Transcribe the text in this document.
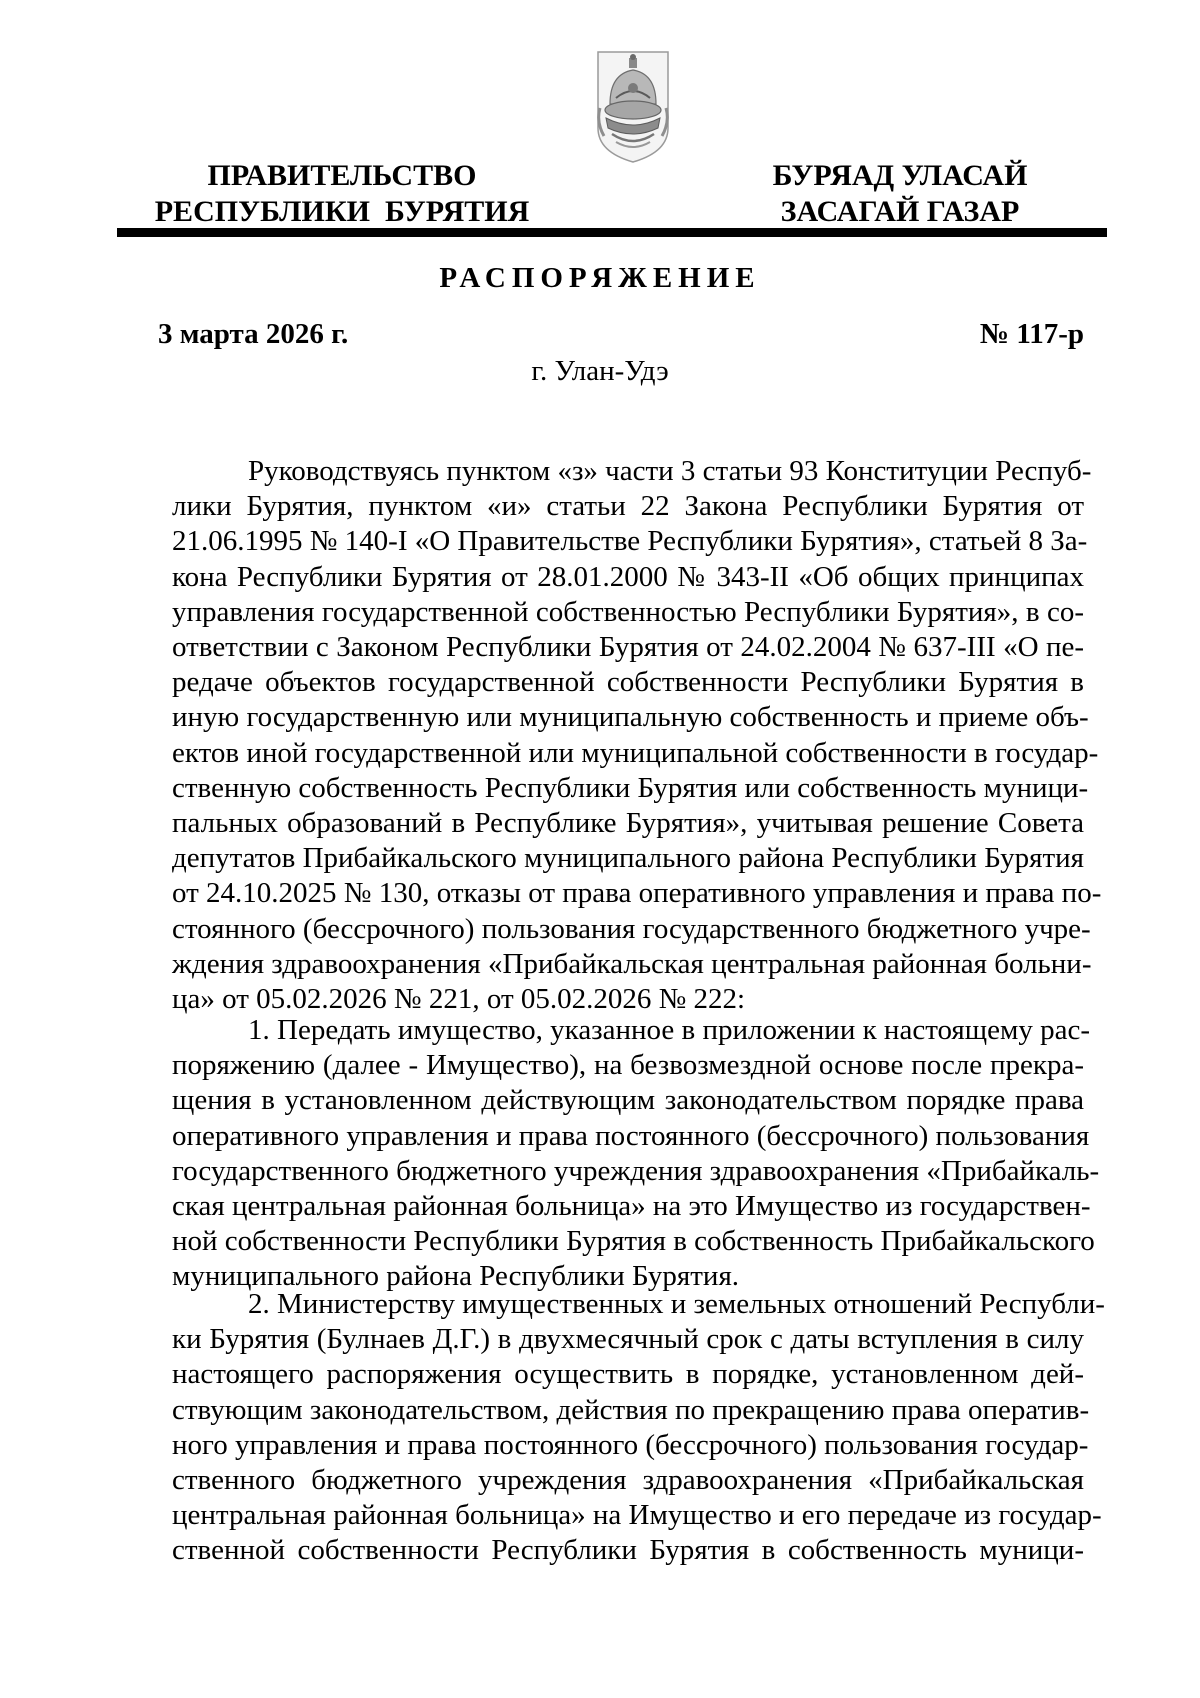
ПРАВИТЕЛЬСТВО
РЕСПУБЛИКИ  БУРЯТИЯ
БУРЯАД УЛАСАЙ
ЗАСАГАЙ ГАЗАР
РАСПОРЯЖЕНИЕ
3 марта 2026 г.	№ 117-р
г. Улан-Удэ
Руководствуясь пунктом «з» части 3 статьи 93 Конституции Респуб-
лики Бурятия, пунктом «и» статьи 22 Закона Республики Бурятия от
21.06.1995 № 140-I «О Правительстве Республики Бурятия», статьей 8 За-
кона Республики Бурятия от 28.01.2000 № 343-II «Об общих принципах
управления государственной собственностью Республики Бурятия», в со-
ответствии с Законом Республики Бурятия от 24.02.2004 № 637-III «О пе-
редаче объектов государственной собственности Республики Бурятия в
иную государственную или муниципальную собственность и приеме объ-
ектов иной государственной или муниципальной собственности в государ-
ственную собственность Республики Бурятия или собственность муници-
пальных образований в Республике Бурятия», учитывая решение Совета
депутатов Прибайкальского муниципального района Республики Бурятия
от 24.10.2025 № 130, отказы от права оперативного управления и права по-
стоянного (бессрочного) пользования государственного бюджетного учре-
ждения здравоохранения «Прибайкальская центральная районная больни-
ца» от 05.02.2026 № 221, от 05.02.2026 № 222:
1. Передать имущество, указанное в приложении к настоящему рас-
поряжению (далее - Имущество), на безвозмездной основе после прекра-
щения в установленном действующим законодательством порядке права
оперативного управления и права постоянного (бессрочного) пользования
государственного бюджетного учреждения здравоохранения «Прибайкаль-
ская центральная районная больница» на это Имущество из государствен-
ной собственности Республики Бурятия в собственность Прибайкальского
муниципального района Республики Бурятия.
2. Министерству имущественных и земельных отношений Республи-
ки Бурятия (Булнаев Д.Г.) в двухмесячный срок с даты вступления в силу
настоящего распоряжения осуществить в порядке, установленном дей-
ствующим законодательством, действия по прекращению права оператив-
ного управления и права постоянного (бессрочного) пользования государ-
ственного бюджетного учреждения здравоохранения «Прибайкальская
центральная районная больница» на Имущество и его передаче из государ-
ственной собственности Республики Бурятия в собственность муници-
